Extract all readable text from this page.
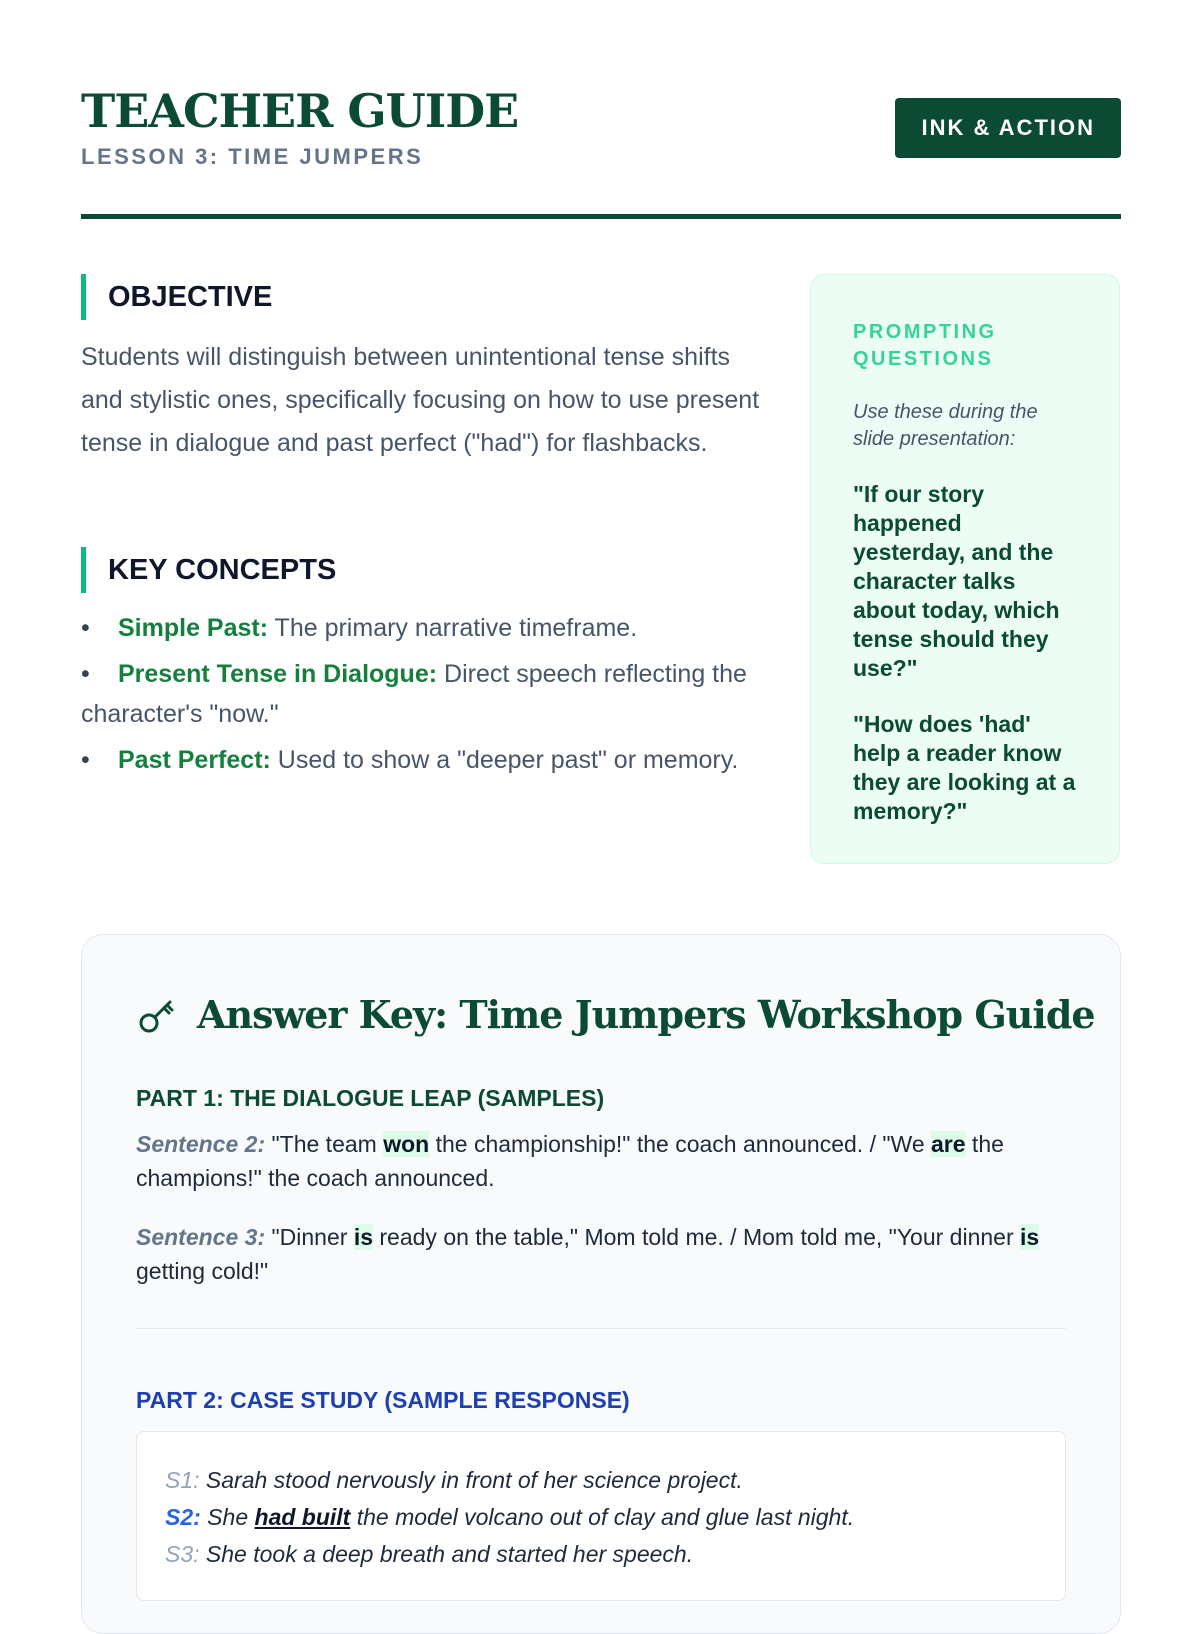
TEACHER GUIDE
LESSON 3: TIME JUMPERS
INK & ACTION
OBJECTIVE
Students will distinguish between unintentional tense shifts and stylistic ones, specifically focusing on how to use present tense in dialogue and past perfect ("had") for flashbacks.
KEY CONCEPTS
• Simple Past: The primary narrative timeframe.
• Present Tense in Dialogue: Direct speech reflecting the character's "now."
• Past Perfect: Used to show a "deeper past" or memory.
PROMPTING QUESTIONS
Use these during the slide presentation:
"If our story happened yesterday, and the character talks about today, which tense should they use?"
"How does 'had' help a reader know they are looking at a memory?"
Answer Key: Time Jumpers Workshop Guide
PART 1: THE DIALOGUE LEAP (SAMPLES)
Sentence 2: "The team won the championship!" the coach announced. / "We are the champions!" the coach announced.
Sentence 3: "Dinner is ready on the table," Mom told me. / Mom told me, "Your dinner is getting cold!"
PART 2: CASE STUDY (SAMPLE RESPONSE)
S1: Sarah stood nervously in front of her science project.
S2: She had built the model volcano out of clay and glue last night.
S3: She took a deep breath and started her speech.
